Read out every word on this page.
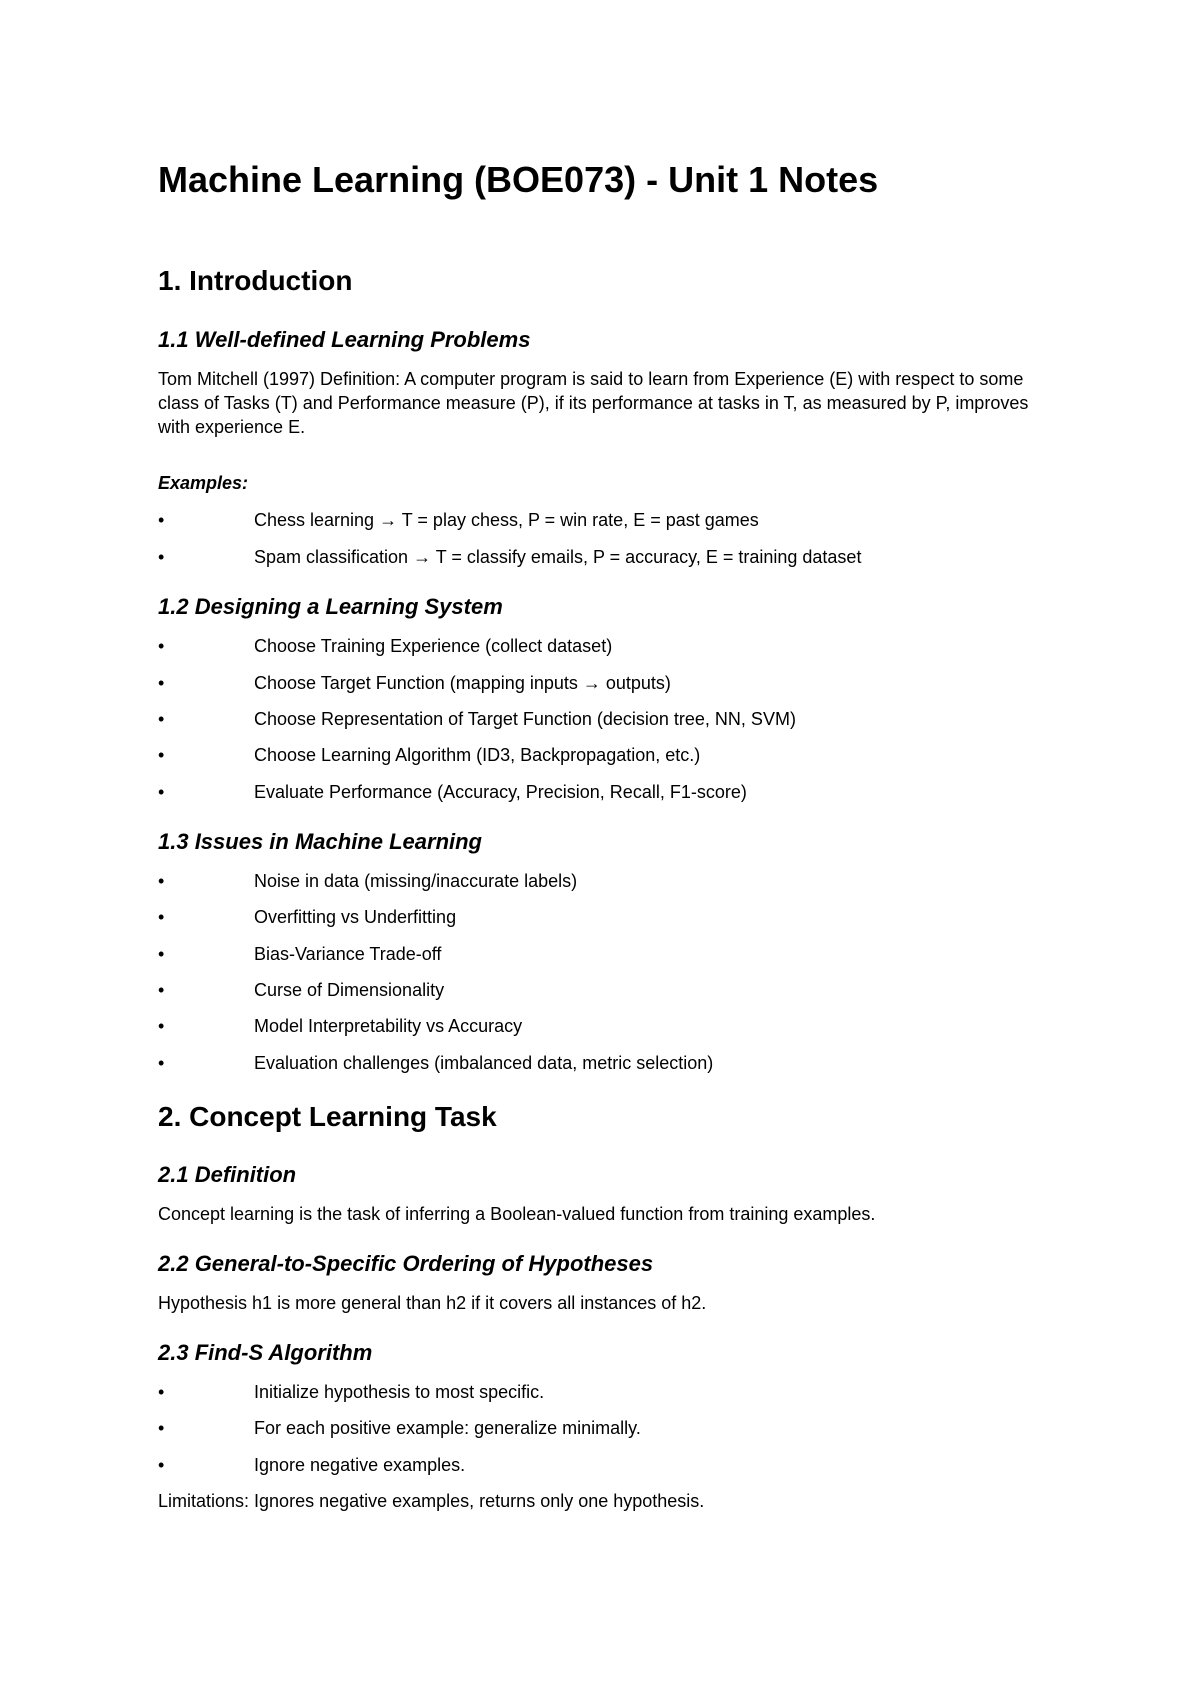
Machine Learning (BOE073) - Unit 1 Notes
1. Introduction
1.1 Well-defined Learning Problems

Tom Mitchell (1997) Definition: A computer program is said to learn from Experience (E) with respect to some class of Tasks (T) and Performance measure (P), if its performance at tasks in T, as measured by P, improves with experience E.

Examples:

•	Chess learning → T = play chess, P = win rate, E = past games
•	Spam classification → T = classify emails, P = accuracy, E = training dataset
1.2 Designing a Learning System
•	Choose Training Experience (collect dataset)
•	Choose Target Function (mapping inputs → outputs)
•	Choose Representation of Target Function (decision tree, NN, SVM)
•	Choose Learning Algorithm (ID3, Backpropagation, etc.)
•	Evaluate Performance (Accuracy, Precision, Recall, F1-score)
1.3 Issues in Machine Learning
•	Noise in data (missing/inaccurate labels)
•	Overfitting vs Underfitting
•	Bias-Variance Trade-off
•	Curse of Dimensionality
•	Model Interpretability vs Accuracy
•	Evaluation challenges (imbalanced data, metric selection)
2. Concept Learning Task
2.1 Definition

Concept learning is the task of inferring a Boolean-valued function from training examples.

2.2 General-to-Specific Ordering of Hypotheses

Hypothesis h1 is more general than h2 if it covers all instances of h2.

2.3 Find-S Algorithm
•	Initialize hypothesis to most specific.
•	For each positive example: generalize minimally.
•	Ignore negative examples.

Limitations: Ignores negative examples, returns only one hypothesis.
